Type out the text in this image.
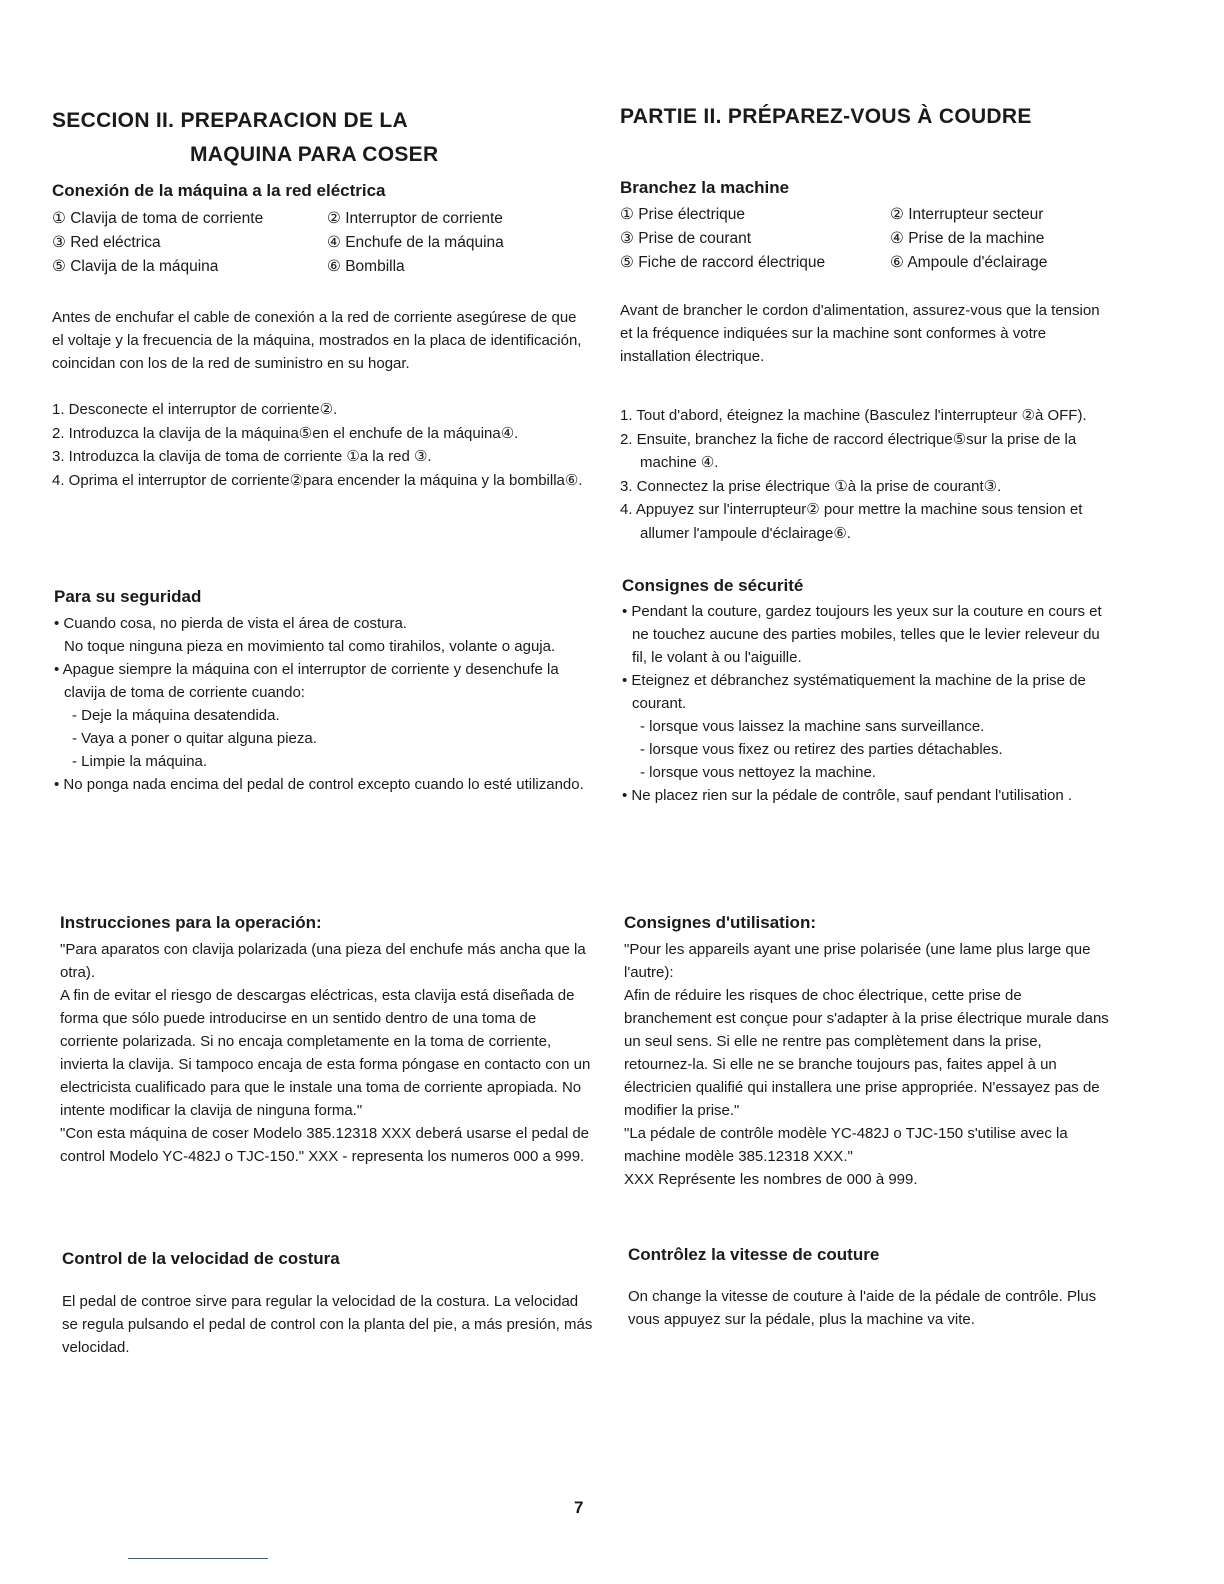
SECCION II. PREPARACION DE LA
MAQUINA PARA COSER
Conexión de la máquina a la red eléctrica
① Clavija de toma de corriente	② Interruptor de corriente
③ Red eléctrica	④ Enchufe de la máquina
⑤ Clavija de la máquina	⑥ Bombilla

Antes de enchufar el cable de conexión a la red de corriente asegúrese de que el voltaje y la frecuencia de la máquina, mostrados en la placa de identificación, coincidan con los de la red de suministro en su hogar.

1. Desconecte el interruptor de corriente②.
2. Introduzca la clavija de la máquina⑤en el enchufe de la máquina④.
3. Introduzca la clavija de toma de corriente ①a la red ③.
4. Oprima el interruptor de corriente②para encender la máquina y la bombilla⑥.
Para su seguridad
• Cuando cosa, no pierda de vista el área de costura.
No toque ninguna pieza en movimiento tal como tirahilos, volante o aguja.
• Apague siempre la máquina con el interruptor de corriente y desenchufe la clavija de toma de corriente cuando:
- Deje la máquina desatendida.
- Vaya a poner o quitar alguna pieza.
- Limpie la máquina.
• No ponga nada encima del pedal de control excepto cuando lo esté utilizando.
Instrucciones para la operación:

"Para aparatos con clavija polarizada (una pieza del enchufe más ancha que la otra).

A fin de evitar el riesgo de descargas eléctricas, esta clavija está diseñada de forma que sólo puede introducirse en un sentido dentro de una toma de corriente polarizada. Si no encaja completamente en la toma de corriente, invierta la clavija. Si tampoco encaja de esta forma póngase en contacto con un electricista cualificado para que le instale una toma de corriente apropiada. No intente modificar la clavija de ninguna forma."

"Con esta máquina de coser Modelo 385.12318 XXX deberá usarse el pedal de control Modelo YC-482J o TJC-150." XXX - representa los numeros 000 a 999.

Control de la velocidad de costura

El pedal de controe sirve para regular la velocidad de la costura. La velocidad se regula pulsando el pedal de control con la planta del pie, a más presión, más velocidad.

PARTIE II. PRÉPAREZ-VOUS À COUDRE
Branchez la machine
① Prise électrique	② Interrupteur secteur
③ Prise de courant	④ Prise de la machine
⑤ Fiche de raccord électrique	⑥ Ampoule d'éclairage

Avant de brancher le cordon d'alimentation, assurez-vous que la tension et la fréquence indiquées sur la machine sont conformes à votre installation électrique.

1. Tout d'abord, éteignez la machine (Basculez l'interrupteur ②à OFF).
2. Ensuite, branchez la fiche de raccord électrique⑤sur la prise de la machine ④.
3. Connectez la prise électrique ①à la prise de courant③.
4. Appuyez sur l'interrupteur② pour mettre la machine sous tension et allumer l'ampoule d'éclairage⑥.
Consignes de sécurité
• Pendant la couture, gardez toujours les yeux sur la couture en cours et ne touchez aucune des parties mobiles, telles que le levier releveur du fil, le volant à ou l'aiguille.
• Eteignez et débranchez systématiquement la machine de la prise de courant.
- lorsque vous laissez la machine sans surveillance.
- lorsque vous fixez ou retirez des parties détachables.
- lorsque vous nettoyez la machine.
• Ne placez rien sur la pédale de contrôle, sauf pendant l'utilisation .
Consignes d'utilisation:

"Pour les appareils ayant une prise polarisée (une lame plus large que l'autre):

Afin de réduire les risques de choc électrique, cette prise de branchement est conçue pour s'adapter à la prise électrique murale dans un seul sens. Si elle ne rentre pas complètement dans la prise, retournez-la. Si elle ne se branche toujours pas, faites appel à un électricien qualifié qui installera une prise appropriée. N'essayez pas de modifier la prise."

"La pédale de contrôle modèle YC-482J o TJC-150 s'utilise avec la machine modèle 385.12318 XXX."

XXX Représente les nombres de 000 à 999.

Contrôlez la vitesse de couture

On change la vitesse de couture à l'aide de la pédale de contrôle. Plus vous appuyez sur la pédale, plus la machine va vite.

7
